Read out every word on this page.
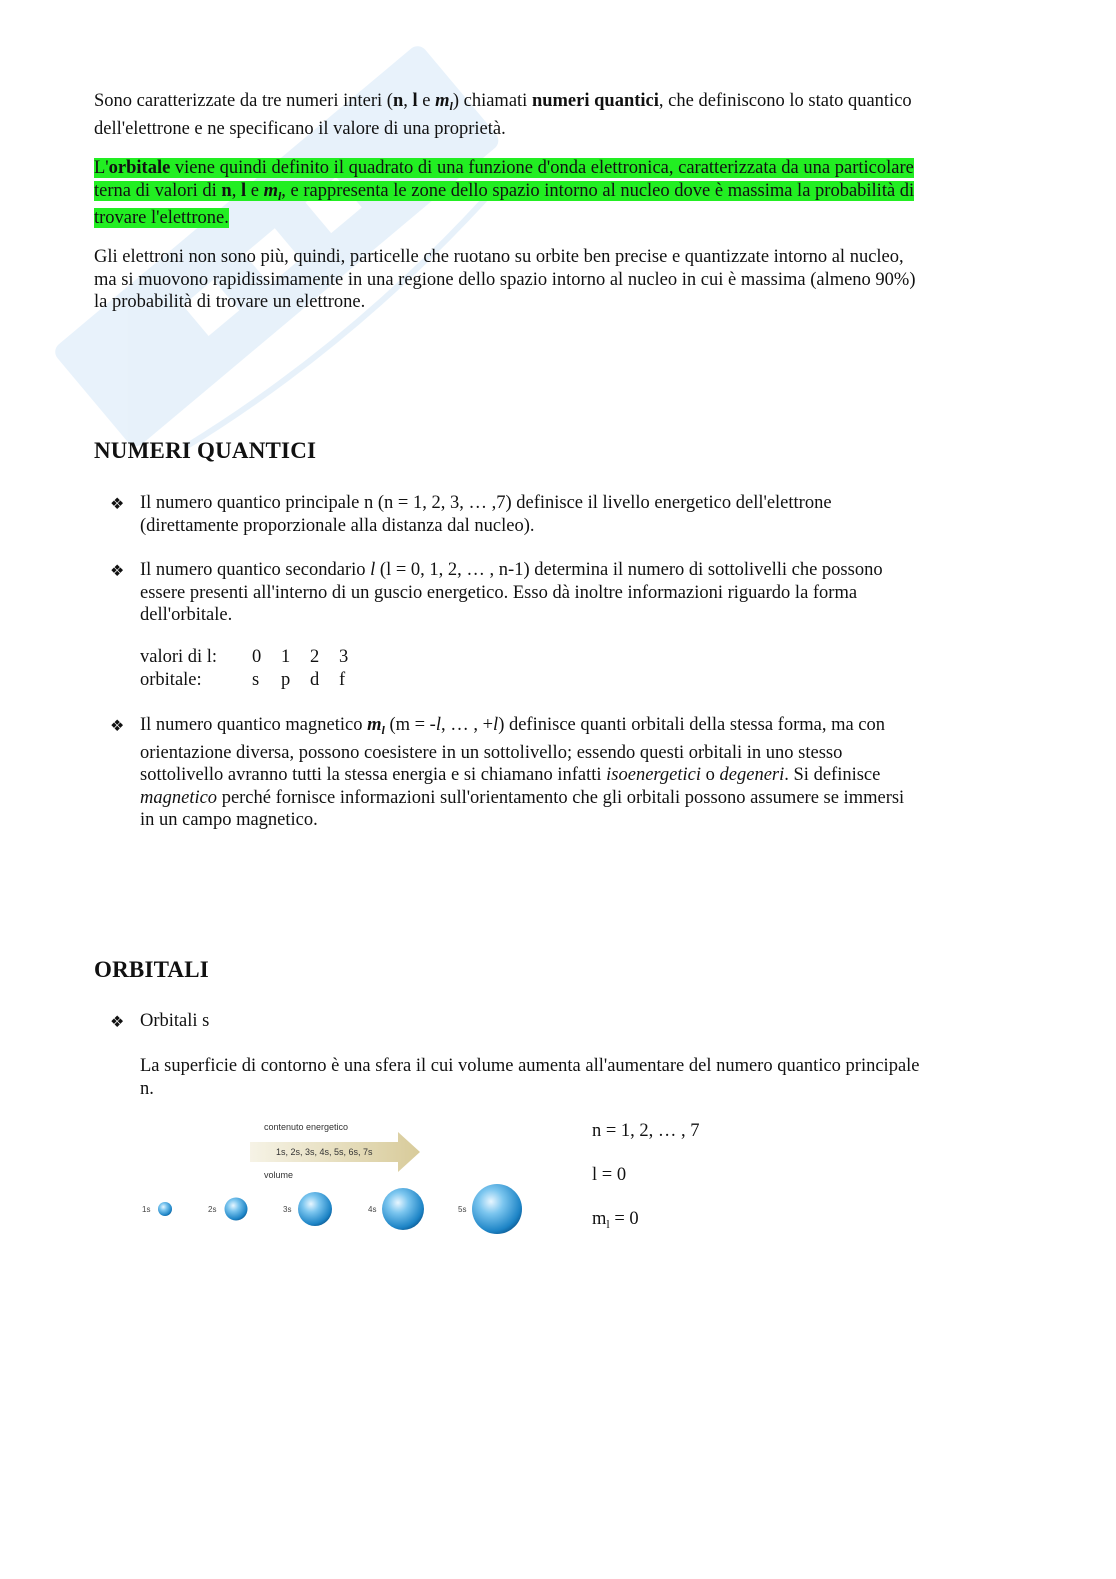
Sono caratterizzate da tre numeri interi (n, l e $m_l$) chiamati numeri quantici, che definiscono lo stato quantico dell'elettrone e ne specificano il valore di una proprietà.

L'orbitale viene quindi definito il quadrato di una funzione d'onda elettronica, caratterizzata da una particolare terna di valori di n, l e $m_l$, e rappresenta le zone dello spazio intorno al nucleo dove è massima la probabilità di trovare l'elettrone.

Gli elettroni non sono più, quindi, particelle che ruotano su orbite ben precise e quantizzate intorno al nucleo, ma si muovono rapidissimamente in una regione dello spazio intorno al nucleo in cui è massima (almeno 90%) la probabilità di trovare un elettrone.

NUMERI QUANTICI
❖ Il numero quantico principale n (n = 1, 2, 3, … ,7) definisce il livello energetico dell'elettrone (direttamente proporzionale alla distanza dal nucleo).

❖ Il numero quantico secondario l (l = 0, 1, 2, … , n-1) determina il numero di sottolivelli che possono essere presenti all'interno di un guscio energetico. Esso dà inoltre informazioni riguardo la forma dell'orbitale.

valori di l:	0	1	2	3
orbitale:	s	p	d	f
❖ Il numero quantico magnetico $m_l$ (m = -l, … , +l) definisce quanti orbitali della stessa forma, ma con orientazione diversa, possono coesistere in un sottolivello; essendo questi orbitali in uno stesso sottolivello avranno tutti la stessa energia e si chiamano infatti isoenergetici o degeneri. Si definisce magnetico perché fornisce informazioni sull'orientamento che gli orbitali possono assumere se immersi in un campo magnetico.

ORBITALI
❖ Orbitali s

La superficie di contorno è una sfera il cui volume aumenta all'aumentare del numero quantico principale n.

contenuto energetico
1s, 2s, 3s, 4s, 5s, 6s, 7s
volume
1s	2s	3s	4s	5s
n = 1, 2, … , 7
l = 0
$m_l = 0$
